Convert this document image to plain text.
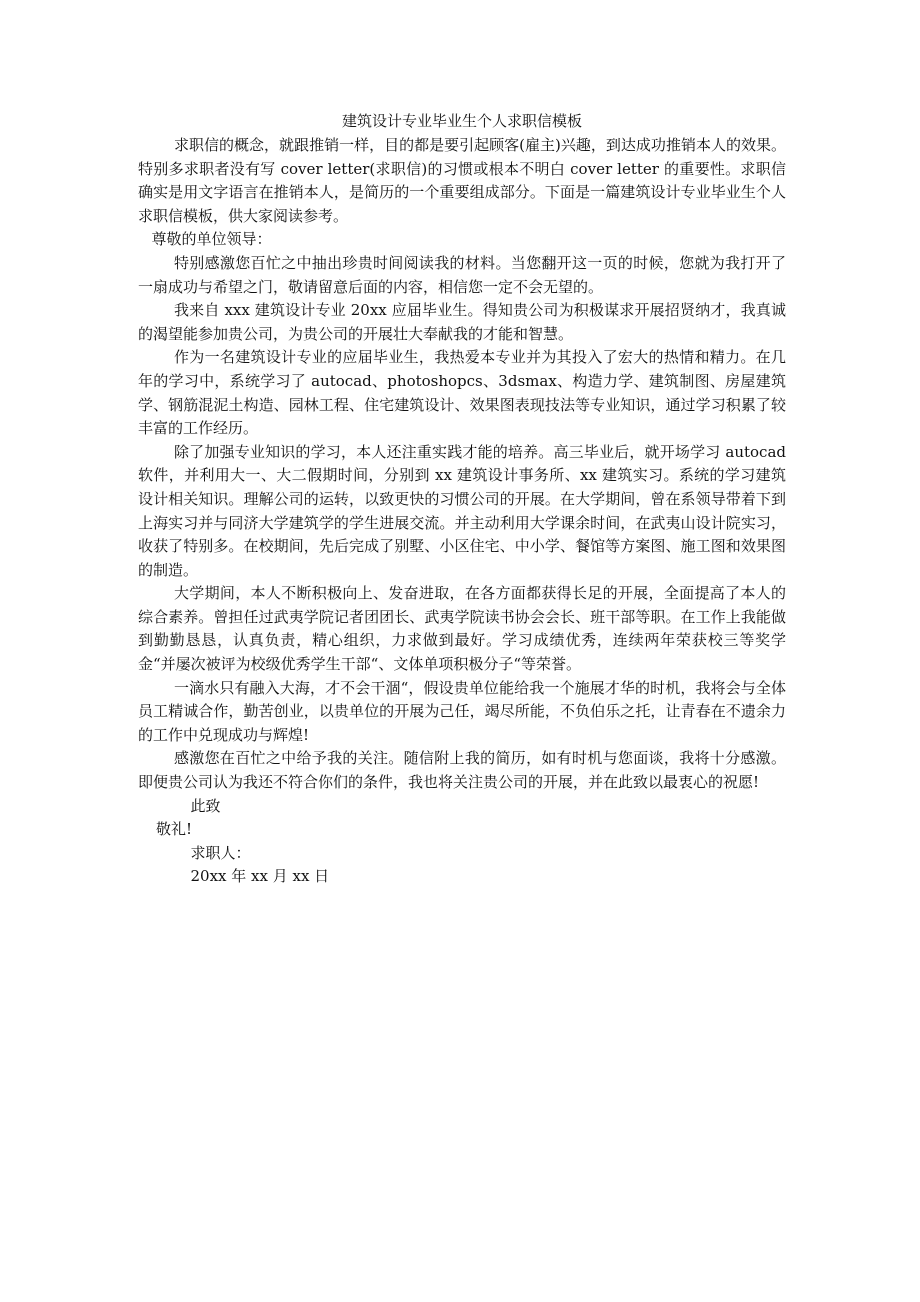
建筑设计专业毕业生个人求职信模板

求职信的概念，就跟推销一样，目的都是要引起顾客(雇主)兴趣，到达成功推销本人的效果。特别多求职者没有写 cover letter(求职信)的习惯或根本不明白 cover letter 的重要性。求职信确实是用文字语言在推销本人，是简历的一个重要组成部分。下面是一篇建筑设计专业毕业生个人求职信模板，供大家阅读参考。

尊敬的单位领导：

特别感激您百忙之中抽出珍贵时间阅读我的材料。当您翻开这一页的时候，您就为我打开了一扇成功与希望之门，敬请留意后面的内容，相信您一定不会无望的。

我来自 xxx 建筑设计专业 20xx 应届毕业生。得知贵公司为积极谋求开展招贤纳才，我真诚的渴望能参加贵公司，为贵公司的开展壮大奉献我的才能和智慧。

作为一名建筑设计专业的应届毕业生，我热爱本专业并为其投入了宏大的热情和精力。在几年的学习中，系统学习了 autocad、photoshopcs、3dsmax、构造力学、建筑制图、房屋建筑学、钢筋混泥土构造、园林工程、住宅建筑设计、效果图表现技法等专业知识，通过学习积累了较丰富的工作经历。

除了加强专业知识的学习，本人还注重实践才能的培养。高三毕业后，就开场学习 autocad 软件，并利用大一、大二假期时间，分别到 xx 建筑设计事务所、xx 建筑实习。系统的学习建筑设计相关知识。理解公司的运转，以致更快的习惯公司的开展。在大学期间，曾在系领导带着下到上海实习并与同济大学建筑学的学生进展交流。并主动利用大学课余时间，在武夷山设计院实习，收获了特别多。在校期间，先后完成了别墅、小区住宅、中小学、餐馆等方案图、施工图和效果图的制造。

大学期间，本人不断积极向上、发奋进取，在各方面都获得长足的开展，全面提高了本人的综合素养。曾担任过武夷学院记者团团长、武夷学院读书协会会长、班干部等职。在工作上我能做到勤勤恳恳，认真负责，精心组织，力求做到最好。学习成绩优秀，连续两年荣获校三等奖学金“并屡次被评为校级优秀学生干部“、文体单项积极分子“等荣誉。

一滴水只有融入大海，才不会干涸“，假设贵单位能给我一个施展才华的时机，我将会与全体员工精诚合作，勤苦创业，以贵单位的开展为己任，竭尽所能，不负伯乐之托，让青春在不遗余力的工作中兑现成功与辉煌!

感激您在百忙之中给予我的关注。随信附上我的简历，如有时机与您面谈，我将十分感激。即便贵公司认为我还不符合你们的条件，我也将关注贵公司的开展，并在此致以最衷心的祝愿!

此致

敬礼!

求职人：

20xx 年 xx 月 xx 日
